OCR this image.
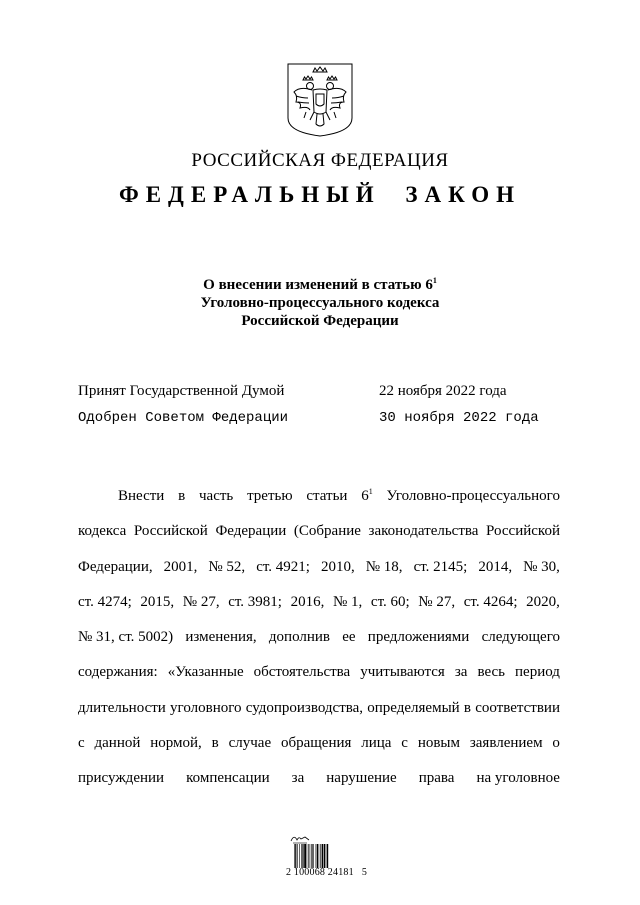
РОССИЙСКАЯ ФЕДЕРАЦИЯ
ФЕДЕРАЛЬНЫЙ ЗАКОН
О внесении изменений в статью $6^1$
Уголовно-процессуального кодекса
Российской Федерации
Принят Государственной Думой	22 ноября 2022 года
Одобрен Советом Федерации	30 ноября 2022 года
Внести в часть третью статьи $6^1$ Уголовно-процессуального
кодекса Российской Федерации (Собрание законодательства Российской
Федерации, 2001, № 52, ст. 4921; 2010, № 18, ст. 2145; 2014, № 30,
ст. 4274; 2015, № 27, ст. 3981; 2016, № 1, ст. 60; № 27, ст. 4264; 2020,
№ 31, ст. 5002) изменения, дополнив ее предложениями следующего
содержания: «Указанные обстоятельства учитываются за весь период
длительности уголовного судопроизводства, определяемый в соответствии
с данной нормой, в случае обращения лица с новым заявлением о
присуждении компенсации за нарушение права на уголовное
2 100068 24181   5
